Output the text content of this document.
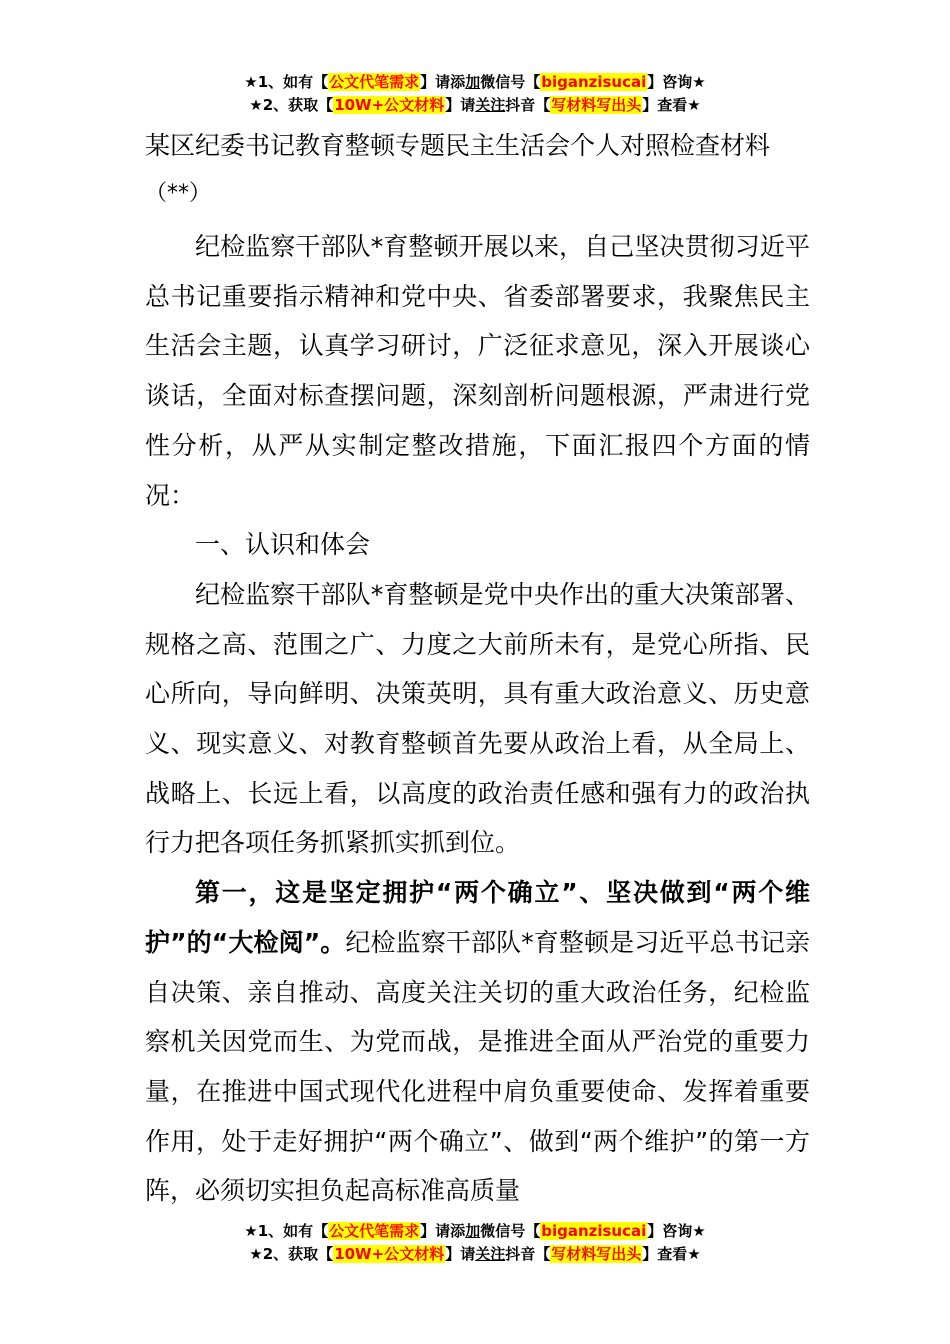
★1、如有【公文代笔需求】请添加微信号【biganzisucai】咨询★
★2、获取【10W+公文材料】请关注抖音【写材料写出头】查看★
某区纪委书记教育整顿专题民主生活会个人对照检查材料
（**）

纪检监察干部队*育整顿开展以来，自己坚决贯彻习近平总书记重要指示精神和党中央、省委部署要求，我聚焦民主生活会主题，认真学习研讨，广泛征求意见，深入开展谈心谈话，全面对标查摆问题，深刻剖析问题根源，严肃进行党性分析，从严从实制定整改措施，下面汇报四个方面的情况：

一、认识和体会

纪检监察干部队*育整顿是党中央作出的重大决策部署、规格之高、范围之广、力度之大前所未有，是党心所指、民心所向，导向鲜明、决策英明，具有重大政治意义、历史意义、现实意义、对教育整顿首先要从政治上看，从全局上、战略上、长远上看，以高度的政治责任感和强有力的政治执行力把各项任务抓紧抓实抓到位。

第一，这是坚定拥护“两个确立”、坚决做到“两个维护”的“大检阅”。纪检监察干部队*育整顿是习近平总书记亲自决策、亲自推动、高度关注关切的重大政治任务，纪检监察机关因党而生、为党而战，是推进全面从严治党的重要力量，在推进中国式现代化进程中肩负重要使命、发挥着重要作用，处于走好拥护“两个确立”、做到“两个维护”的第一方阵，必须切实担负起高标准高质量

★1、如有【公文代笔需求】请添加微信号【biganzisucai】咨询★
★2、获取【10W+公文材料】请关注抖音【写材料写出头】查看★
